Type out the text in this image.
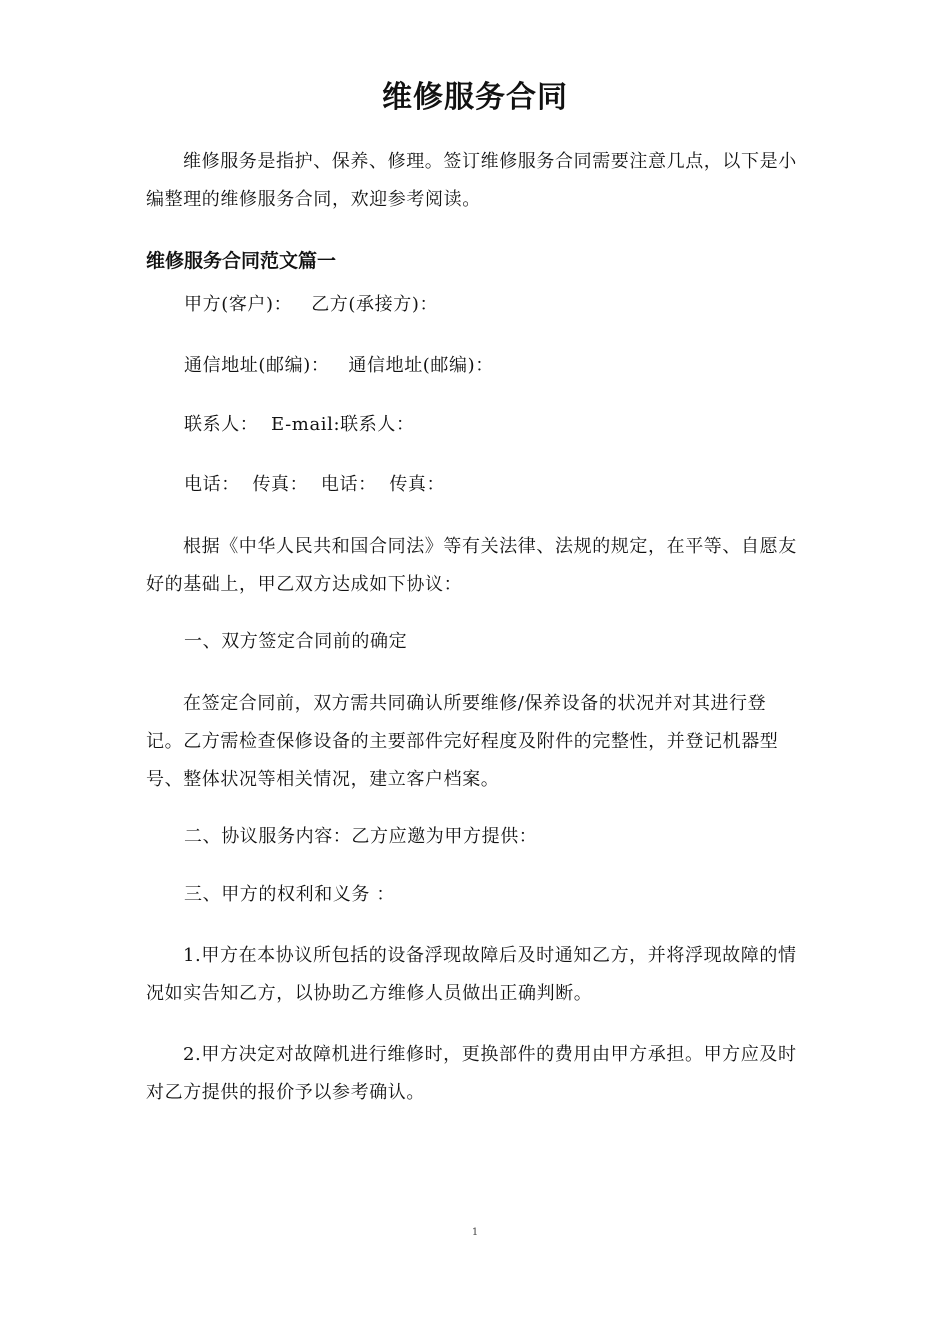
维修服务合同

维修服务是指护、保养、修理。签订维修服务合同需要注意几点，以下是小编整理的维修服务合同，欢迎参考阅读。

维修服务合同范文篇一
甲方(客户)：   乙方(承接方)：
通信地址(邮编)：   通信地址(邮编)：
联系人：  E-mail:联系人：
电话：  传真：  电话：  传真：

根据《中华人民共和国合同法》等有关法律、法规的规定，在平等、自愿友好的基础上，甲乙双方达成如下协议：

一、双方签定合同前的确定

在签定合同前，双方需共同确认所要维修/保养设备的状况并对其进行登记。乙方需检查保修设备的主要部件完好程度及附件的完整性，并登记机器型号、整体状况等相关情况，建立客户档案。

二、协议服务内容：乙方应邀为甲方提供：
三、甲方的权利和义务 ：

1.甲方在本协议所包括的设备浮现故障后及时通知乙方，并将浮现故障的情况如实告知乙方，以协助乙方维修人员做出正确判断。

2.甲方决定对故障机进行维修时，更换部件的费用由甲方承担。甲方应及时对乙方提供的报价予以参考确认。

1
